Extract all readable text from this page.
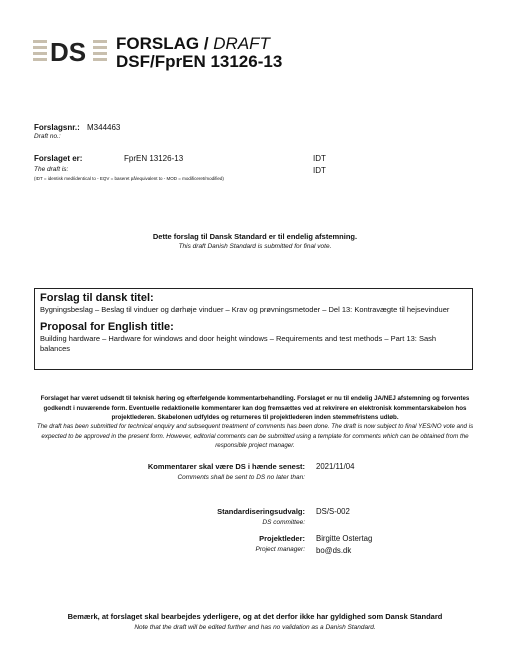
DS FORSLAG / DRAFT
DSF/FprEN 13126-13
Forslagsnr.: M344463
Draft no.:
Forslaget er:	FprEN 13126-13	IDT
The draft is:	IDT
(IDT = identisk med/identical to - EQV = baseret på/equivalent to - MOD = modificeret/modified)
Dette forslag til Dansk Standard er til endelig afstemning.
This draft Danish Standard is submitted for final vote.

Forslag til dansk titel:

Bygningsbeslag – Beslag til vinduer og dørhøje vinduer – Krav og prøvningsmetoder – Del 13: Kontravægte til hejsevinduer

Proposal for English title:

Building hardware – Hardware for windows and door height windows – Requirements and test methods – Part 13: Sash balances

Forslaget har været udsendt til teknisk høring og efterfølgende kommentarbehandling. Forslaget er nu til endelig JA/NEJ afstemning og forventes godkendt i nuværende form. Eventuelle redaktionelle kommentarer kan dog fremsættes ved at rekvirere en elektronisk kommentarskabelon hos projektlederen. Skabelonen udfyldes og returneres til projektlederen inden stemmefristens udløb.
The draft has been submitted for technical enquiry and subsequent treatment of comments has been done. The draft is now subject to final YES/NO vote and is expected to be approved in the present form. However, editorial comments can be submitted using a template for comments which can be obtained from the responsible project manager.
Kommentarer skal være DS i hænde senest:
Comments shall be sent to DS no later than:
2021/11/04
Standardiseringsudvalg:
DS committee:
DS/S-002
Projektleder:
Project manager:
Birgitte Ostertag
bo@ds.dk
Bemærk, at forslaget skal bearbejdes yderligere, og at det derfor ikke har gyldighed som Dansk Standard
Note that the draft will be edited further and has no validation as a Danish Standard.
